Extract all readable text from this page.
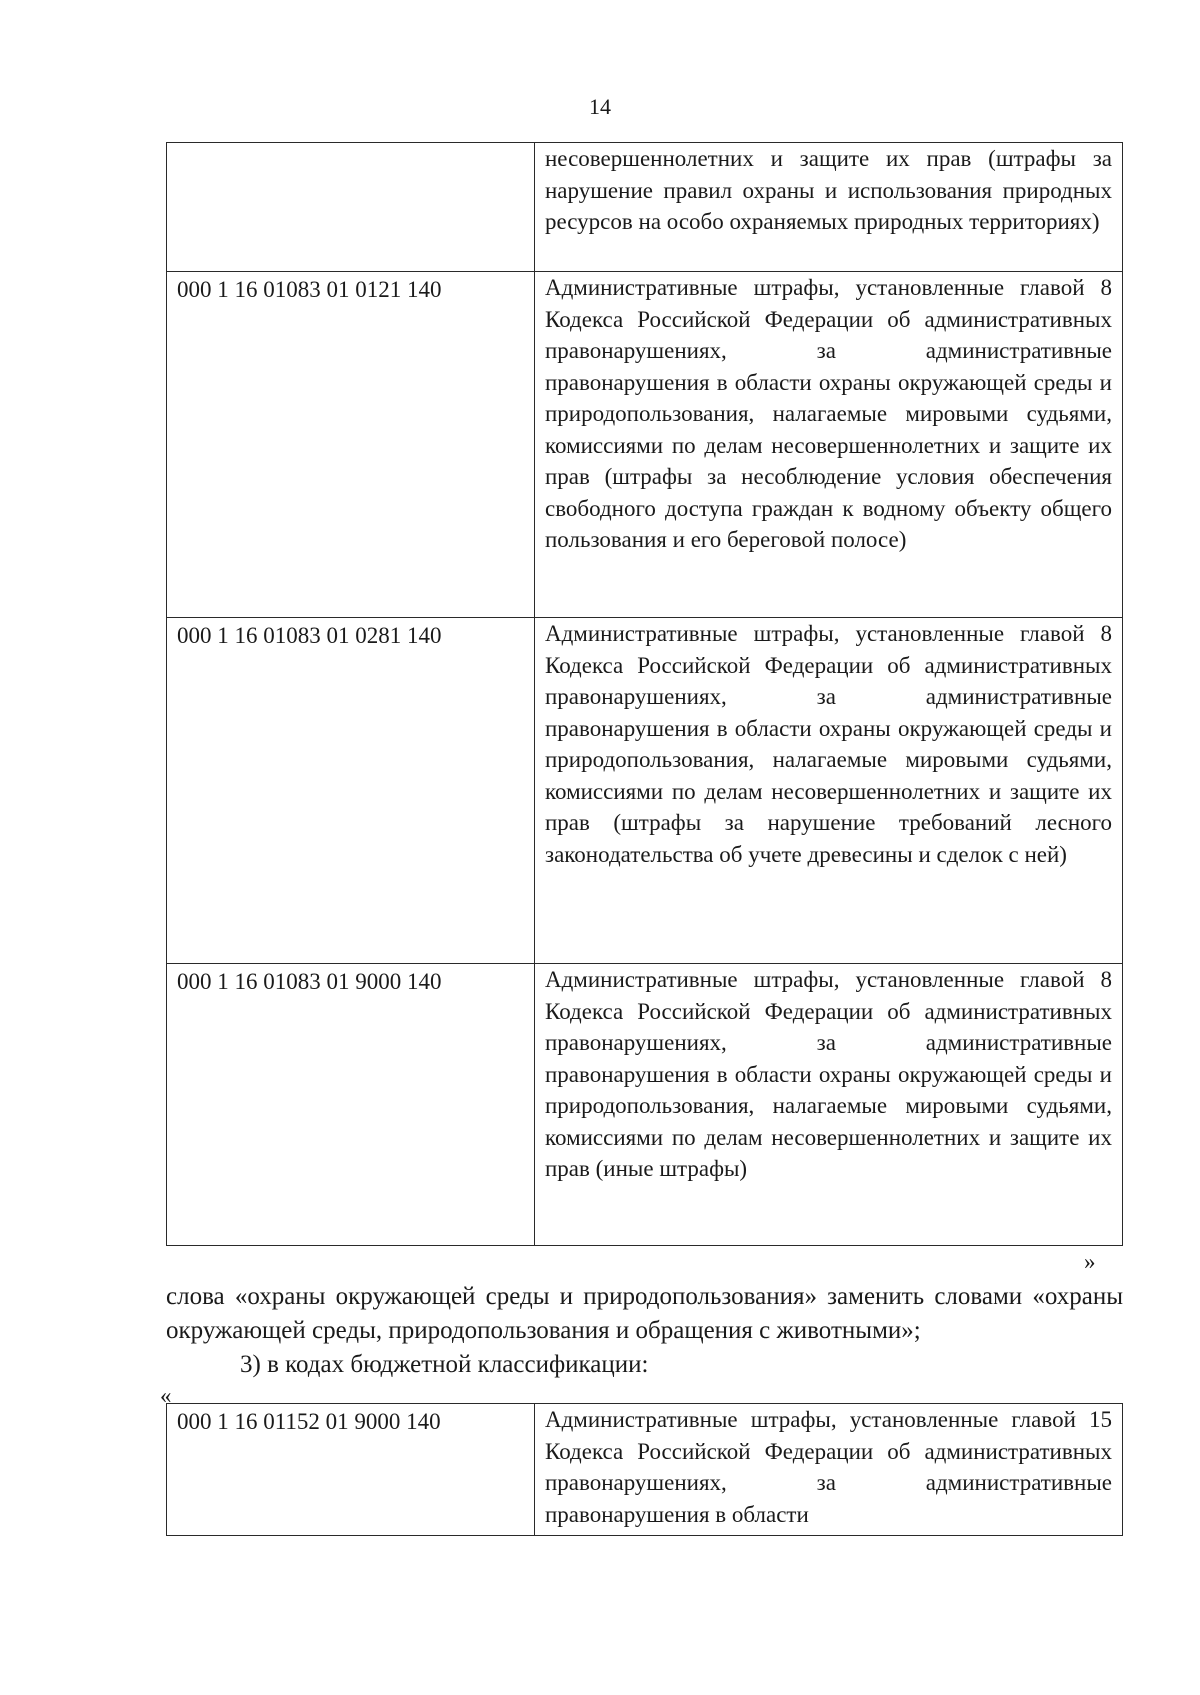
14
	несовершеннолетних и защите их прав (штрафы за нарушение правил охраны и использования природных ресурсов на особо охраняемых природных территориях)
000 1 16 01083 01 0121 140	Административные штрафы, установленные главой 8 Кодекса Российской Федерации об административных правонарушениях, за административные правонарушения в области охраны окружающей среды и природопользования, налагаемые мировыми судьями, комиссиями по делам несовершеннолетних и защите их прав (штрафы за несоблюдение условия обеспечения свободного доступа граждан к водному объекту общего пользования и его береговой полосе)
000 1 16 01083 01 0281 140	Административные штрафы, установленные главой 8 Кодекса Российской Федерации об административных правонарушениях, за административные правонарушения в области охраны окружающей среды и природопользования, налагаемые мировыми судьями, комиссиями по делам несовершеннолетних и защите их прав (штрафы за нарушение требований лесного законодательства об учете древесины и сделок с ней)
000 1 16 01083 01 9000 140	Административные штрафы, установленные главой 8 Кодекса Российской Федерации об административных правонарушениях, за административные правонарушения в области охраны окружающей среды и природопользования, налагаемые мировыми судьями, комиссиями по делам несовершеннолетних и защите их прав (иные штрафы)
»
слова «охраны окружающей среды и природопользования» заменить словами «охраны окружающей среды, природопользования и обращения с животными»;
3) в кодах бюджетной классификации:
«
000 1 16 01152 01 9000 140	Административные штрафы, установленные главой 15 Кодекса Российской Федерации об административных правонарушениях, за административные правонарушения в области
